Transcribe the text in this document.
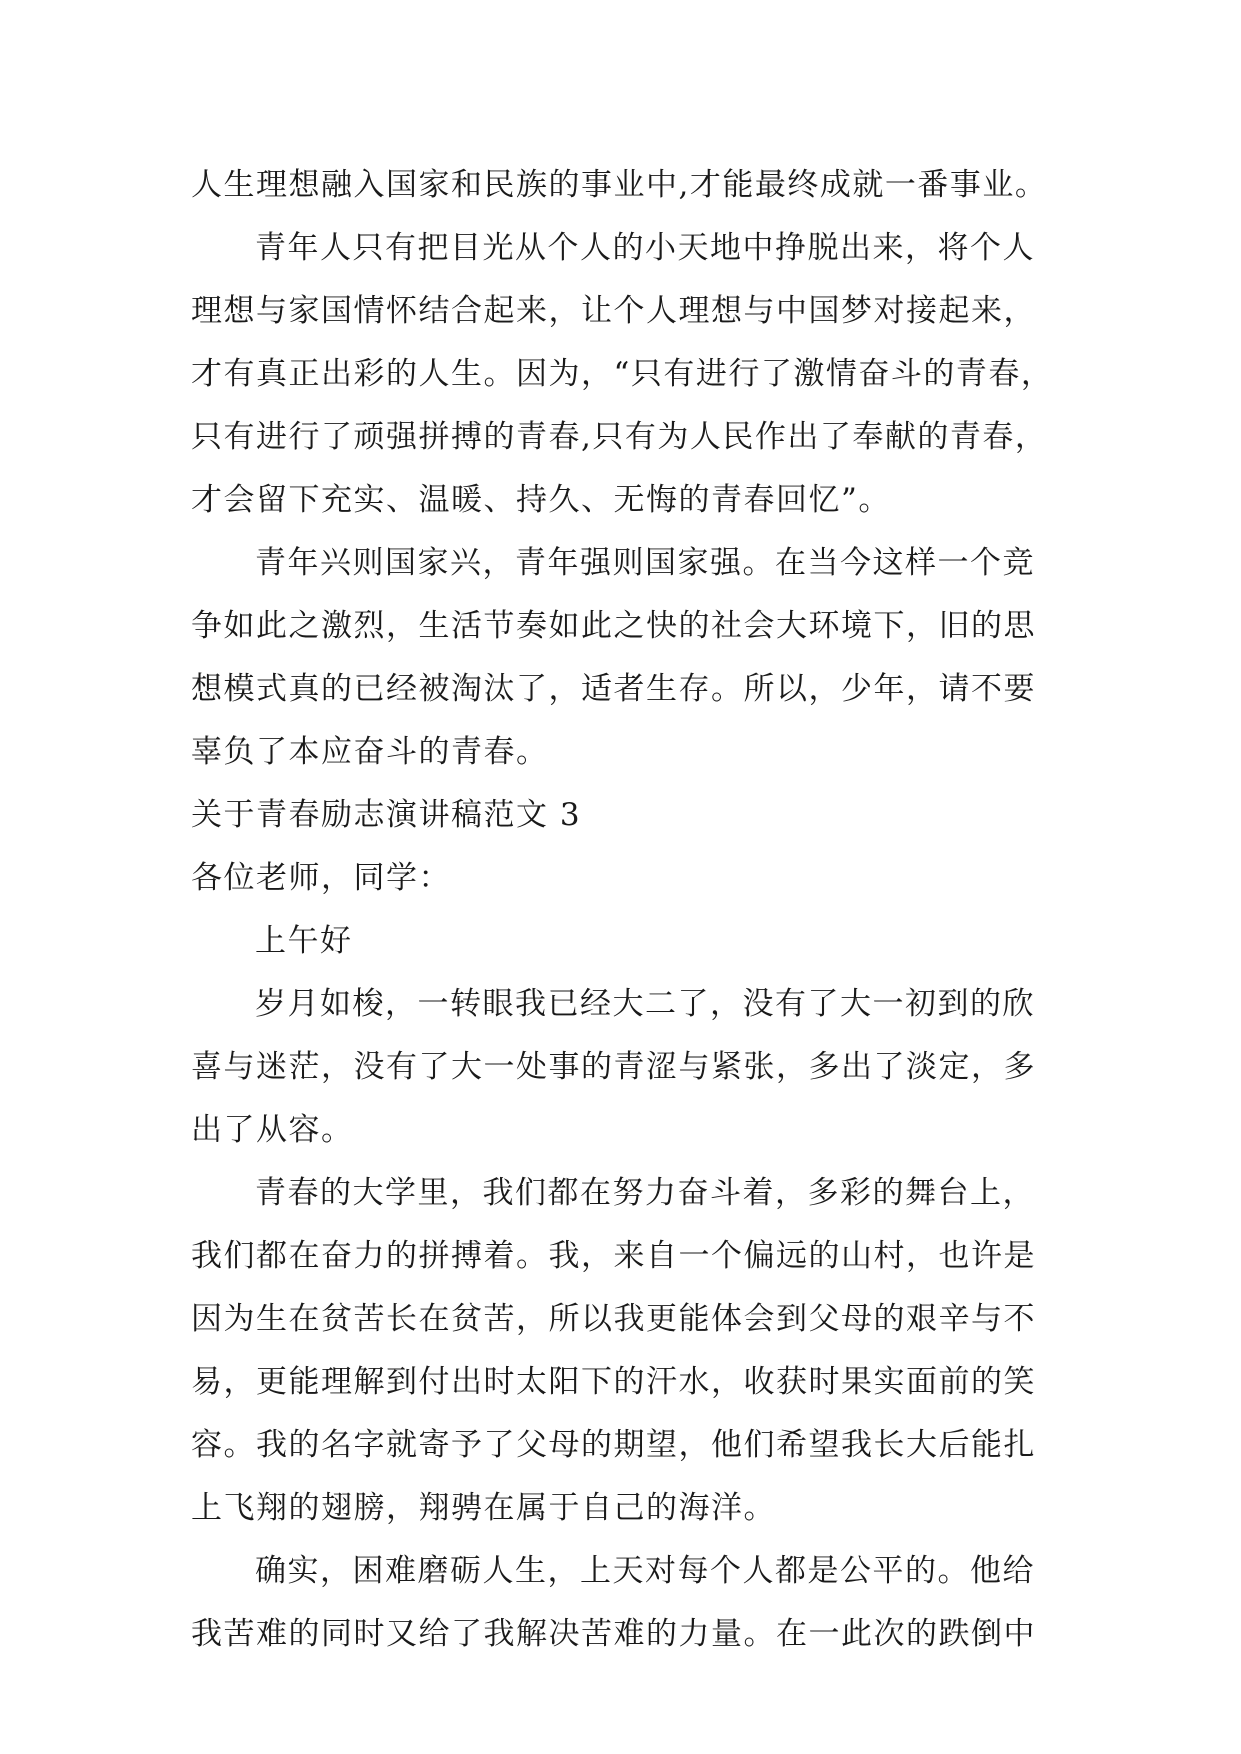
人生理想融入国家和民族的事业中,才能最终成就一番事业。
青年人只有把目光从个人的小天地中挣脱出来，将个人
理想与家国情怀结合起来，让个人理想与中国梦对接起来，
才有真正出彩的人生。因为，“只有进行了激情奋斗的青春，
只有进行了顽强拼搏的青春,只有为人民作出了奉献的青春，
才会留下充实、温暖、持久、无悔的青春回忆”。
青年兴则国家兴，青年强则国家强。在当今这样一个竞
争如此之激烈，生活节奏如此之快的社会大环境下，旧的思
想模式真的已经被淘汰了，适者生存。所以，少年，请不要
辜负了本应奋斗的青春。
关于青春励志演讲稿范文 3
各位老师，同学：
上午好
岁月如梭，一转眼我已经大二了，没有了大一初到的欣
喜与迷茫，没有了大一处事的青涩与紧张，多出了淡定，多
出了从容。
青春的大学里，我们都在努力奋斗着，多彩的舞台上，
我们都在奋力的拼搏着。我，来自一个偏远的山村，也许是
因为生在贫苦长在贫苦，所以我更能体会到父母的艰辛与不
易，更能理解到付出时太阳下的汗水，收获时果实面前的笑
容。我的名字就寄予了父母的期望，他们希望我长大后能扎
上飞翔的翅膀，翔骋在属于自己的海洋。
确实，困难磨砺人生，上天对每个人都是公平的。他给
我苦难的同时又给了我解决苦难的力量。在一此次的跌倒中
